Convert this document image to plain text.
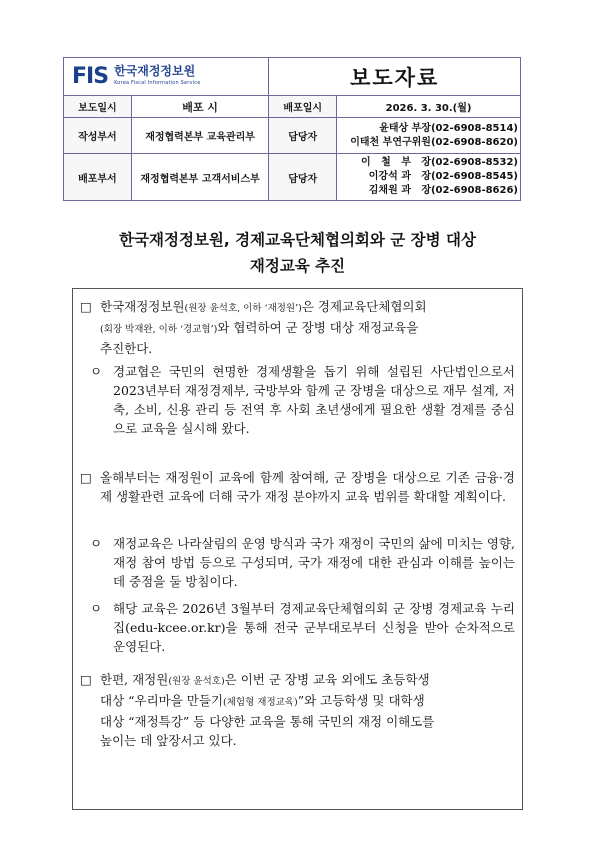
FIS 한국재정정보원
Korea Fiscal Information Service		보도자료	
보도일시	배포 시	배포일시	2026. 3. 30.(월)
작성부서	재정협력본부 교육관리부	담당자	윤태상 부장(02-6908-8514)
이태천 부연구위원(02-6908-8620)

배포부서	재정협력본부 고객서비스부	담당자	이   철   부   장(02-6908-8532)
이강석 과   장(02-6908-8545)
김채원 과   장(02-6908-8626)
한국재정정보원, 경제교육단체협의회와 군 장병 대상
재정교육 추진
□ 한국재정정보원(원장 윤석호, 이하 ‘재정원’)은 경제교육단체협의회
(회장 박재완, 이하 ‘경교협’)와 협력하여 군 장병 대상 재정교육을
추진한다.
ㅇ 경교협은 국민의 현명한 경제생활을 돕기 위해 설립된 사단법인으로서 2023년부터 재정경제부, 국방부와 함께 군 장병을 대상으로 재무 설계, 저축, 소비, 신용 관리 등 전역 후 사회 초년생에게 필요한 생활 경제를 중심으로 교육을 실시해 왔다.
□ 올해부터는 재정원이 교육에 함께 참여해, 군 장병을 대상으로 기존 금융·경제 생활관련 교육에 더해 국가 재정 분야까지 교육 범위를 확대할 계획이다.
ㅇ 재정교육은 나라살림의 운영 방식과 국가 재정이 국민의 삶에 미치는 영향, 재정 참여 방법 등으로 구성되며, 국가 재정에 대한 관심과 이해를 높이는 데 중점을 둘 방침이다.
ㅇ 해당 교육은 2026년 3월부터 경제교육단체협의회 군 장병 경제교육 누리집(edu-kcee.or.kr)을 통해 전국 군부대로부터 신청을 받아 순차적으로 운영된다.
□ 한편, 재정원(원장 윤석호)은 이번 군 장병 교육 외에도 초등학생
대상 “우리마을 만들기(체험형 재정교육)”와 고등학생 및 대학생
대상 “재정특강” 등 다양한 교육을 통해 국민의 재정 이해도를
높이는 데 앞장서고 있다.
